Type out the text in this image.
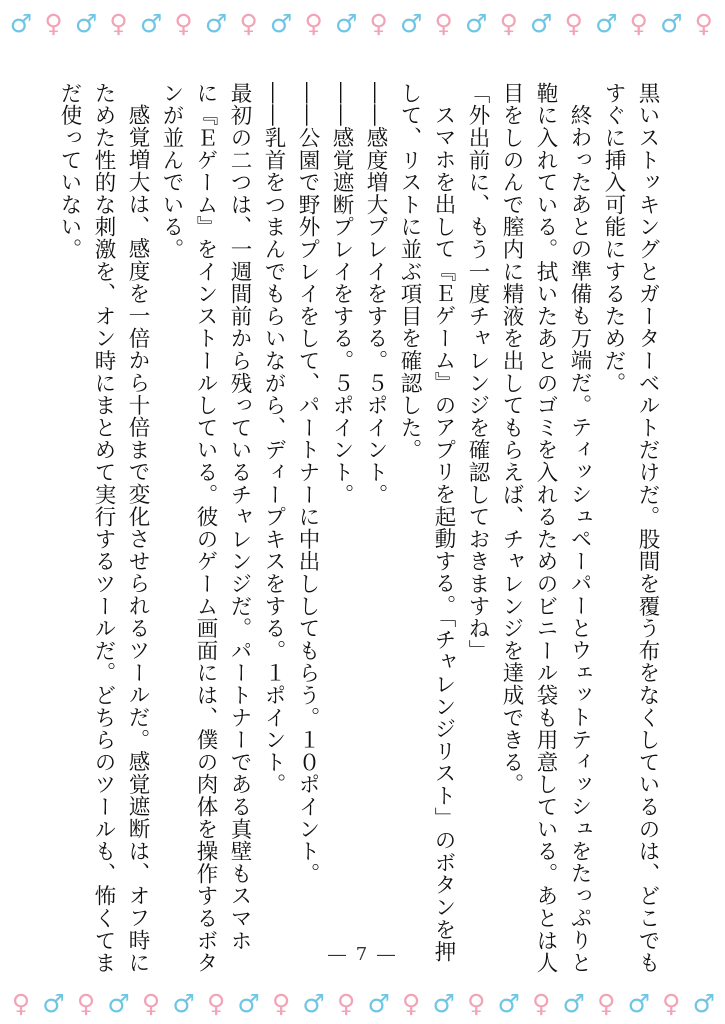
♂ ♀ ♂ ♀ ♂ ♀ ♂ ♀ ♂ ♀ ♂ ♀ ♂ ♀ ♂ ♀ ♂ ♀ ♂ ♀ ♂ ♀
黒いストッキングとガーターベルトだけだ。股間を覆う布をなくしているのは、どこでも
すぐに挿入可能にするためだ。
終わったあとの準備も万端だ。ティッシュペーパーとウェットティッシュをたっぷりと
鞄に入れている。拭いたあとのゴミを入れるためのビニール袋も用意している。あとは人
目をしのんで膣内に精液を出してもらえば、チャレンジを達成できる。
「外出前に、もう一度チャレンジを確認しておきますね」
スマホを出して『Ｅゲーム』のアプリを起動する。「チャレンジリスト」のボタンを押
して、リストに並ぶ項目を確認した。
――感度増大プレイをする。５ポイント。
――感覚遮断プレイをする。５ポイント。
――公園で野外プレイをして、パートナーに中出ししてもらう。１０ポイント。
――乳首をつまんでもらいながら、ディープキスをする。１ポイント。
最初の二つは、一週間前から残っているチャレンジだ。パートナーである真壁もスマホ
に『Ｅゲーム』をインストールしている。彼のゲーム画面には、僕の肉体を操作するボタ
ンが並んでいる。
感覚増大は、感度を一倍から十倍まで変化させられるツールだ。感覚遮断は、オフ時に
ためた性的な刺激を、オン時にまとめて実行するツールだ。どちらのツールも、怖くてま
だ使っていない。
― 7 ―
♀ ♂ ♀ ♂ ♀ ♂ ♀ ♂ ♀ ♂ ♀ ♂ ♀ ♂ ♀ ♂ ♀ ♂ ♀ ♂ ♀ ♂
